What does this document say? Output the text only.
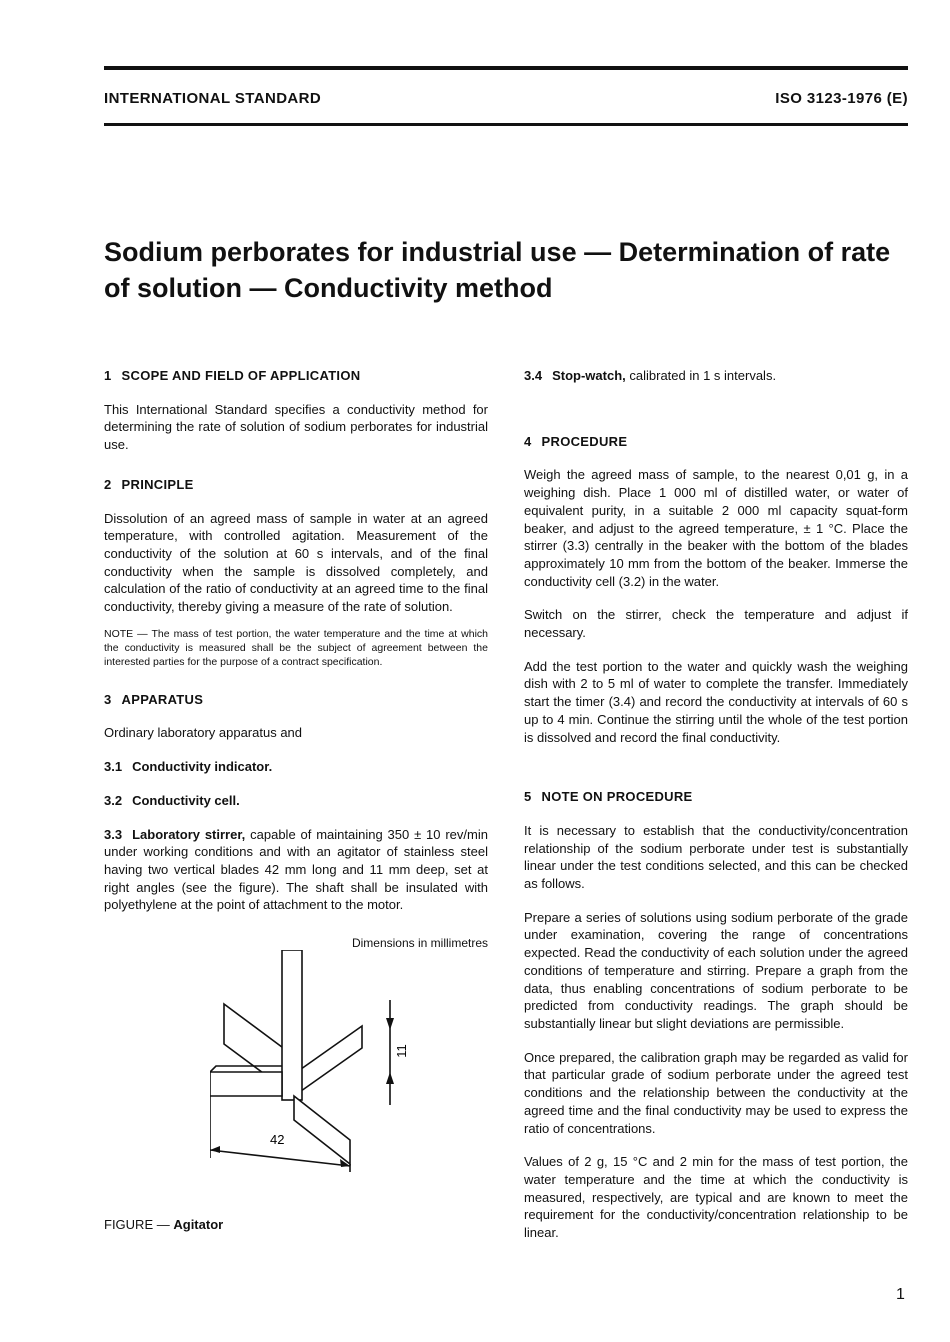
INTERNATIONAL STANDARD	ISO 3123-1976 (E)
Sodium perborates for industrial use — Determination of rate of solution — Conductivity method
1 SCOPE AND FIELD OF APPLICATION

This International Standard specifies a conductivity method for determining the rate of solution of sodium perborates for industrial use.

2 PRINCIPLE

Dissolution of an agreed mass of sample in water at an agreed temperature, with controlled agitation. Measurement of the conductivity of the solution at 60 s intervals, and of the final conductivity when the sample is dissolved completely, and calculation of the ratio of conductivity at an agreed time to the final conductivity, thereby giving a measure of the rate of solution.

NOTE — The mass of test portion, the water temperature and the time at which the conductivity is measured shall be the subject of agreement between the interested parties for the purpose of a contract specification.

3 APPARATUS

Ordinary laboratory apparatus and

3.1 Conductivity indicator.

3.2 Conductivity cell.

3.3 Laboratory stirrer, capable of maintaining 350 ± 10 rev/min under working conditions and with an agitator of stainless steel having two vertical blades 42 mm long and 11 mm deep, set at right angles (see the figure). The shaft shall be insulated with polyethylene at the point of attachment to the motor.

Dimensions in millimetres
42
11

FIGURE — Agitator

3.4 Stop-watch, calibrated in 1 s intervals.

4 PROCEDURE

Weigh the agreed mass of sample, to the nearest 0,01 g, in a weighing dish. Place 1 000 ml of distilled water, or water of equivalent purity, in a suitable 2 000 ml capacity squat-form beaker, and adjust to the agreed temperature, ± 1 °C. Place the stirrer (3.3) centrally in the beaker with the bottom of the blades approximately 10 mm from the bottom of the beaker. Immerse the conductivity cell (3.2) in the water.

Switch on the stirrer, check the temperature and adjust if necessary.

Add the test portion to the water and quickly wash the weighing dish with 2 to 5 ml of water to complete the transfer. Immediately start the timer (3.4) and record the conductivity at intervals of 60 s up to 4 min. Continue the stirring until the whole of the test portion is dissolved and record the final conductivity.

5 NOTE ON PROCEDURE

It is necessary to establish that the conductivity/concentration relationship of the sodium perborate under test is substantially linear under the test conditions selected, and this can be checked as follows.

Prepare a series of solutions using sodium perborate of the grade under examination, covering the range of concentrations expected. Read the conductivity of each solution under the agreed conditions of temperature and stirring. Prepare a graph from the data, thus enabling concentrations of sodium perborate to be predicted from conductivity readings. The graph should be substantially linear but slight deviations are permissible.

Once prepared, the calibration graph may be regarded as valid for that particular grade of sodium perborate under the agreed test conditions and the relationship between the conductivity at the agreed time and the final conductivity may be used to express the ratio of concentrations.

Values of 2 g, 15 °C and 2 min for the mass of test portion, the water temperature and the time at which the conductivity is measured, respectively, are typical and are known to meet the requirement for the conductivity/concentration relationship to be linear.

1
